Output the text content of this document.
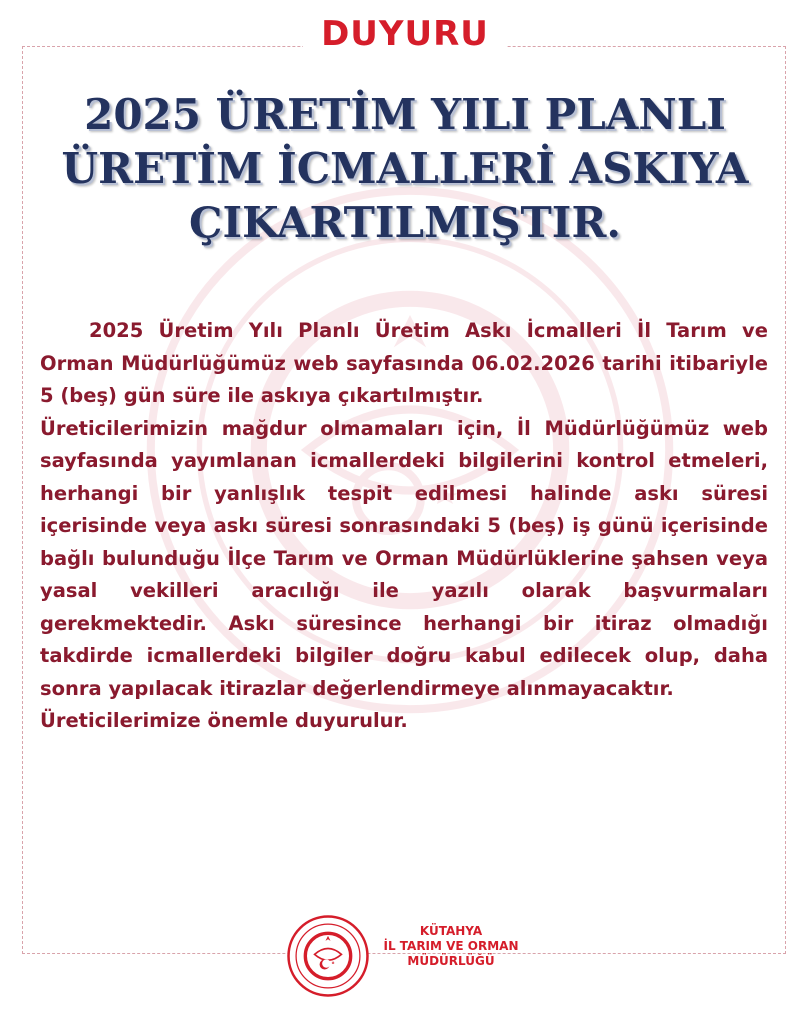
DUYURU
2025 ÜRETİM YILI PLANLI
ÜRETİM İCMALLERİ ASKIYA
ÇIKARTILMIŞTIR.

2025 Üretim Yılı Planlı Üretim Askı İcmalleri İl Tarım ve Orman Müdürlüğümüz web sayfasında 06.02.2026 tarihi itibariyle 5 (beş) gün süre ile askıya çıkartılmıştır.

Üreticilerimizin mağdur olmamaları için, İl Müdürlüğümüz web sayfasında yayımlanan icmallerdeki bilgilerini kontrol etmeleri, herhangi bir yanlışlık tespit edilmesi halinde askı süresi içerisinde veya askı süresi sonrasındaki 5 (beş) iş günü içerisinde bağlı bulunduğu İlçe Tarım ve Orman Müdürlüklerine şahsen veya yasal vekilleri aracılığı ile yazılı olarak başvurmaları gerekmektedir. Askı süresince herhangi bir itiraz olmadığı takdirde icmallerdeki bilgiler doğru kabul edilecek olup, daha sonra yapılacak itirazlar değerlendirmeye alınmayacaktır.

Üreticilerimize önemle duyurulur.

KÜTAHYA
İL TARIM VE ORMAN
MÜDÜRLÜĞÜ
